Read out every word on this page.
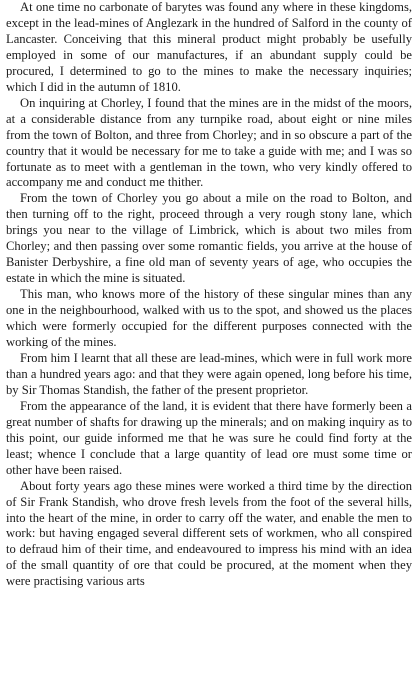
At one time no carbonate of barytes was found any where in these kingdoms, except in the lead-mines of Anglezark in the hundred of Salford in the county of Lancaster. Conceiving that this mineral product might probably be usefully employed in some of our manufactures, if an abundant supply could be procured, I determined to go to the mines to make the necessary inquiries; which I did in the autumn of 1810.

On inquiring at Chorley, I found that the mines are in the midst of the moors, at a considerable distance from any turnpike road, about eight or nine miles from the town of Bolton, and three from Chorley; and in so obscure a part of the country that it would be necessary for me to take a guide with me; and I was so fortunate as to meet with a gentleman in the town, who very kindly offered to accompany me and conduct me thither.

From the town of Chorley you go about a mile on the road to Bolton, and then turning off to the right, proceed through a very rough stony lane, which brings you near to the village of Limbrick, which is about two miles from Chorley; and then passing over some romantic fields, you arrive at the house of Banister Derbyshire, a fine old man of seventy years of age, who occupies the estate in which the mine is situated.

This man, who knows more of the history of these singular mines than any one in the neighbourhood, walked with us to the spot, and showed us the places which were formerly occupied for the different purposes connected with the working of the mines.

From him I learnt that all these are lead-mines, which were in full work more than a hundred years ago: and that they were again opened, long before his time, by Sir Thomas Standish, the father of the present proprietor.

From the appearance of the land, it is evident that there have formerly been a great number of shafts for drawing up the minerals; and on making inquiry as to this point, our guide informed me that he was sure he could find forty at the least; whence I conclude that a large quantity of lead ore must some time or other have been raised.

About forty years ago these mines were worked a third time by the direction of Sir Frank Standish, who drove fresh levels from the foot of the several hills, into the heart of the mine, in order to carry off the water, and enable the men to work: but having engaged several different sets of workmen, who all conspired to defraud him of their time, and endeavoured to impress his mind with an idea of the small quantity of ore that could be procured, at the moment when they were practising various arts
